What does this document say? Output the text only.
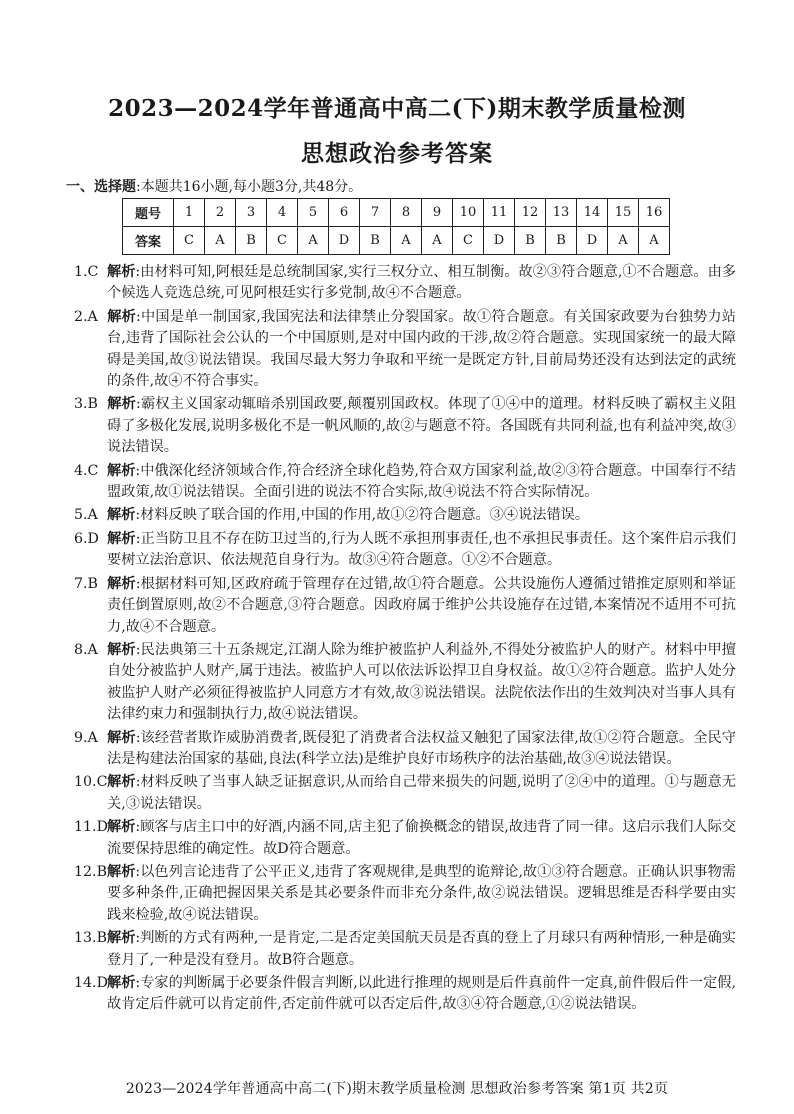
2023—2024学年普通高中高二(下)期末教学质量检测
思想政治参考答案
一、选择题:本题共16小题,每小题3分,共48分。
题号	1	2	3	4	5	6	7	8	9	10	11	12	13	14	15	16
答案	C	A	B	C	A	D	B	A	A	C	D	B	B	D	A	A

1.C 解析:由材料可知,阿根廷是总统制国家,实行三权分立、相互制衡。故②③符合题意,①不合题意。由多个候选人竞选总统,可见阿根廷实行多党制,故④不合题意。

2.A 解析:中国是单一制国家,我国宪法和法律禁止分裂国家。故①符合题意。有关国家政要为台独势力站台,违背了国际社会公认的一个中国原则,是对中国内政的干涉,故②符合题意。实现国家统一的最大障碍是美国,故③说法错误。我国尽最大努力争取和平统一是既定方针,目前局势还没有达到法定的武统的条件,故④不符合事实。

3.B 解析:霸权主义国家动辄暗杀别国政要,颠覆别国政权。体现了①④中的道理。材料反映了霸权主义阻碍了多极化发展,说明多极化不是一帆风顺的,故②与题意不符。各国既有共同利益,也有利益冲突,故③说法错误。

4.C 解析:中俄深化经济领域合作,符合经济全球化趋势,符合双方国家利益,故②③符合题意。中国奉行不结盟政策,故①说法错误。全面引进的说法不符合实际,故④说法不符合实际情况。

5.A 解析:材料反映了联合国的作用,中国的作用,故①②符合题意。③④说法错误。

6.D 解析:正当防卫且不存在防卫过当的,行为人既不承担刑事责任,也不承担民事责任。这个案件启示我们要树立法治意识、依法规范自身行为。故③④符合题意。①②不合题意。

7.B 解析:根据材料可知,区政府疏于管理存在过错,故①符合题意。公共设施伤人遵循过错推定原则和举证责任倒置原则,故②不合题意,③符合题意。因政府属于维护公共设施存在过错,本案情况不适用不可抗力,故④不合题意。

8.A 解析:民法典第三十五条规定,江湖人除为维护被监护人利益外,不得处分被监护人的财产。材料中甲擅自处分被监护人财产,属于违法。被监护人可以依法诉讼捍卫自身权益。故①②符合题意。监护人处分被监护人财产必须征得被监护人同意方才有效,故③说法错误。法院依法作出的生效判决对当事人具有法律约束力和强制执行力,故④说法错误。

9.A 解析:该经营者欺诈威胁消费者,既侵犯了消费者合法权益又触犯了国家法律,故①②符合题意。全民守法是构建法治国家的基础,良法(科学立法)是维护良好市场秩序的法治基础,故③④说法错误。

10.C解析:材料反映了当事人缺乏证据意识,从而给自己带来损失的问题,说明了②④中的道理。①与题意无关,③说法错误。

11.D解析:顾客与店主口中的好酒,内涵不同,店主犯了偷换概念的错误,故违背了同一律。这启示我们人际交流要保持思维的确定性。故D符合题意。

12.B解析:以色列言论违背了公平正义,违背了客观规律,是典型的诡辩论,故①③符合题意。正确认识事物需要多种条件,正确把握因果关系是其必要条件而非充分条件,故②说法错误。逻辑思维是否科学要由实践来检验,故④说法错误。

13.B解析:判断的方式有两种,一是肯定,二是否定美国航天员是否真的登上了月球只有两种情形,一种是确实登月了,一种是没有登月。故B符合题意。

14.D解析:专家的判断属于必要条件假言判断,以此进行推理的规则是后件真前件一定真,前件假后件一定假,故肯定后件就可以肯定前件,否定前件就可以否定后件,故③④符合题意,①②说法错误。

2023—2024学年普通高中高二(下)期末教学质量检测 思想政治参考答案 第1页 共2页
